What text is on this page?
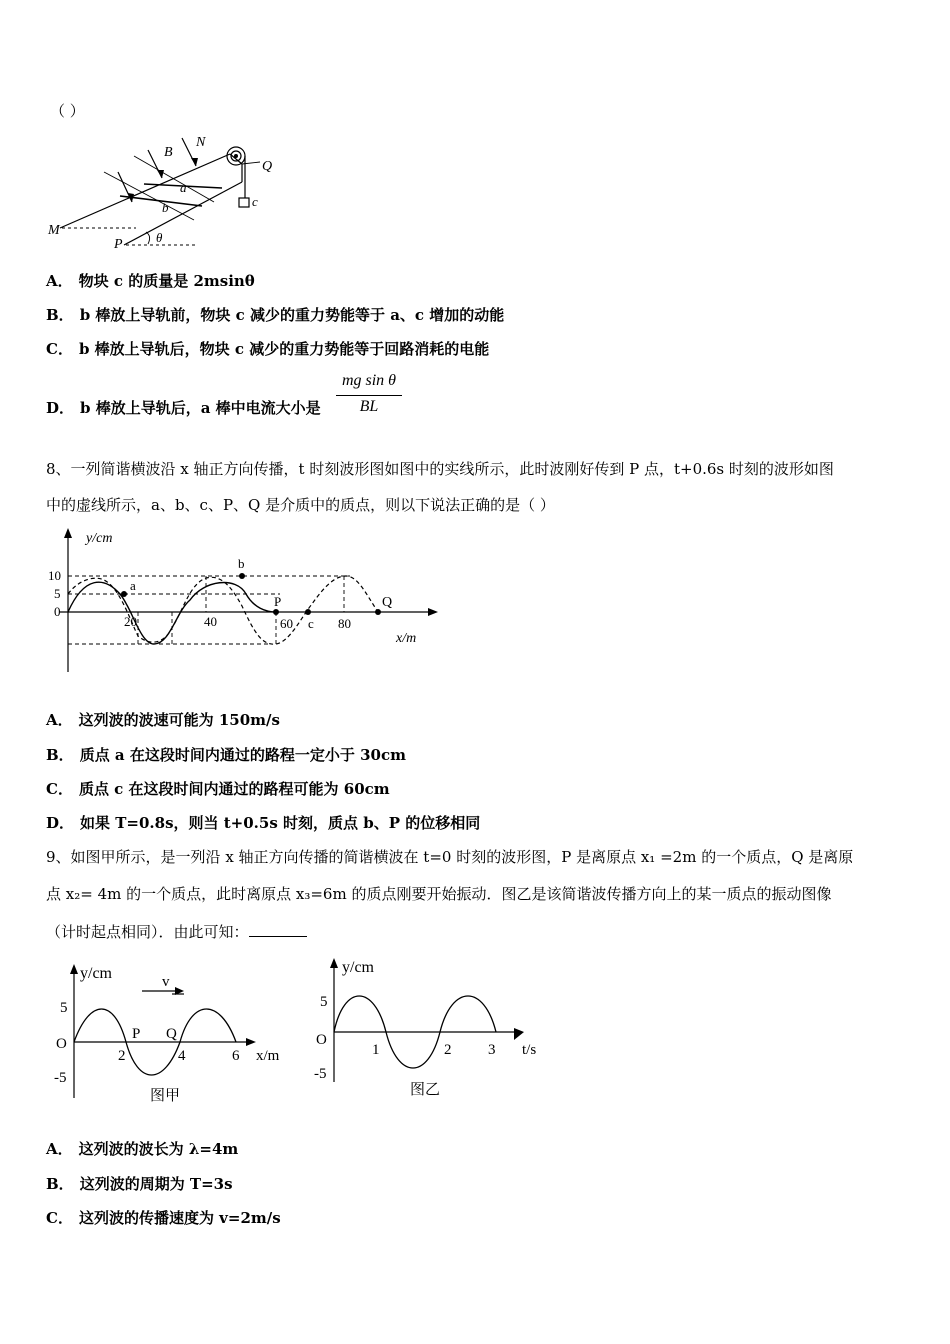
（ ）
B
N
Q
a
b	c
M
P	θ
A． 物块 c 的质量是 2msinθ
B． b 棒放上导轨前，物块 c 减少的重力势能等于 a、c 增加的动能
C． b 棒放上导轨后，物块 c 减少的重力势能等于回路消耗的电能
D． b 棒放上导轨后，a 棒中电流大小是
mg sin θ
BL
8、一列简谐横波沿 x 轴正方向传播，t 时刻波形图如图中的实线所示，此时波刚好传到 P 点，t+0.6s 时刻的波形如图
中的虚线所示，a、b、c、P、Q 是介质中的质点，则以下说法正确的是（ ）
y/cm
x/m
10
5
0
20	40	60	80
a
b
P
c
Q
A． 这列波的波速可能为 150m/s
B． 质点 a 在这段时间内通过的路程一定小于 30cm
C． 质点 c 在这段时间内通过的路程可能为 60cm
D． 如果 T=0.8s，则当 t+0.5s 时刻，质点 b、P 的位移相同
9、如图甲所示，是一列沿 x 轴正方向传播的简谐横波在 t=0 时刻的波形图，P 是离原点 x₁ =2m 的一个质点，Q 是离原
点 x₂= 4m 的一个质点，此时离原点 x₃=6m 的质点刚要开始振动．图乙是该简谐波传播方向上的某一质点的振动图像
（计时起点相同）．由此可知：
y/cm	v
5
O
-5
2	4	6 x/m
P Q
图甲
y/cm
5
O
-5
1	2 3 t/s
图乙
A． 这列波的波长为 λ=4m
B． 这列波的周期为 T=3s
C． 这列波的传播速度为 v=2m/s
